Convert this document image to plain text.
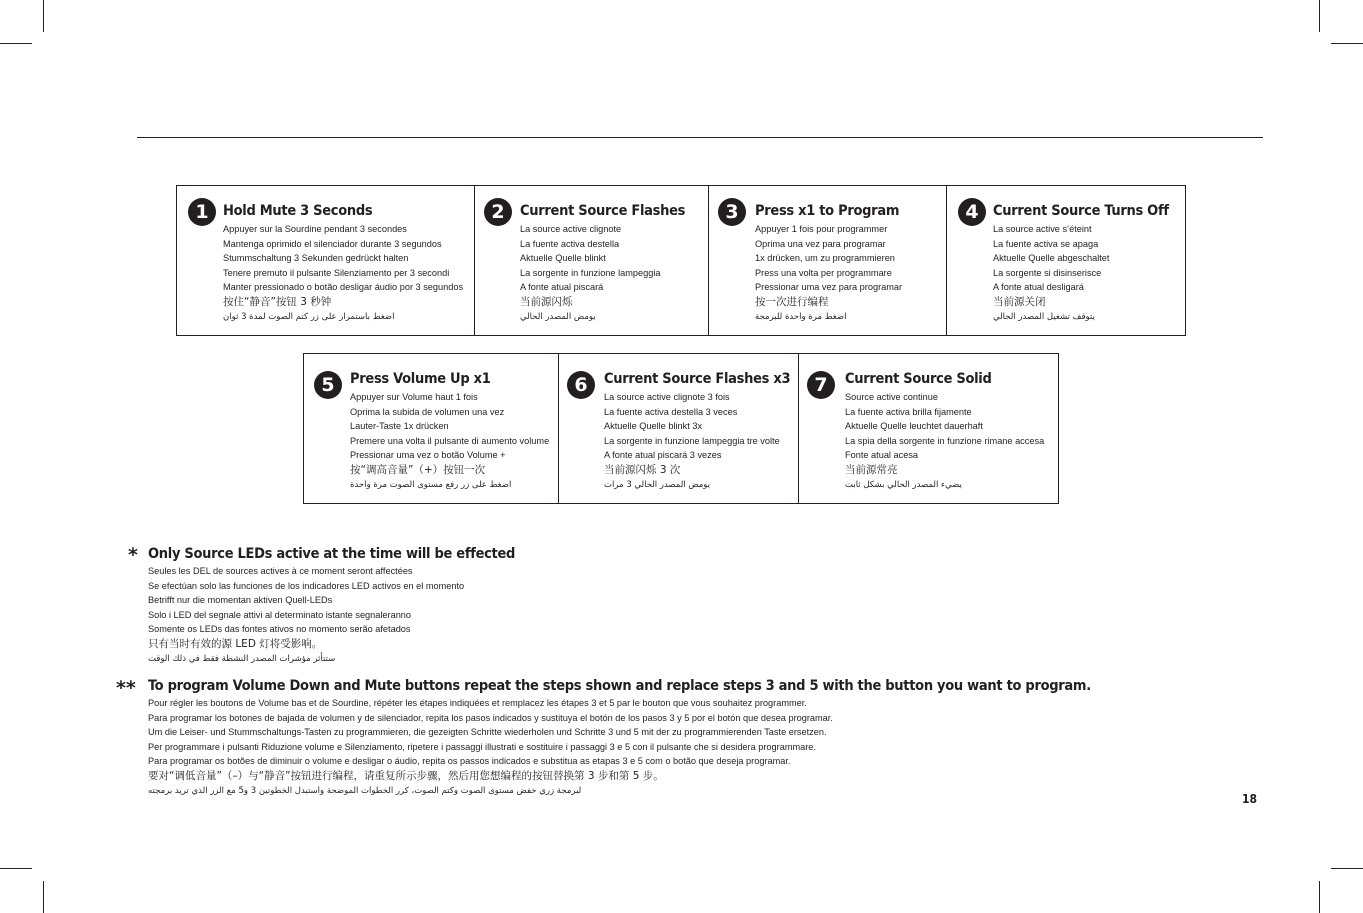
1 Hold Mute 3 Seconds
Appuyer sur la Sourdine pendant 3 secondes
Mantenga oprimido el silenciador durante 3 segundos
Stummschaltung 3 Sekunden gedrückt halten
Tenere premuto il pulsante Silenziamento per 3 secondi
Manter pressionado o botão desligar áudio por 3 segundos
按住“静音”按钮 3 秒钟
اضغط باستمرار على زر كتم الصوت لمدة 3 ثوان
2	Current Source Flashes
La source active clignote
La fuente activa destella
Aktuelle Quelle blinkt
La sorgente in funzione lampeggia
A fonte atual piscará
当前源闪烁
يومض المصدر الحالي
3	Press x1 to Program
Appuyer 1 fois pour programmer
Oprima una vez para programar
1x drücken, um zu programmieren
Press una volta per programmare
Pressionar uma vez para programar
按一次进行编程
اضغط مرة واحدة للبرمجة
4 Current Source Turns Off
La source active s’éteint
La fuente activa se apaga
Aktuelle Quelle abgeschaltet
La sorgente si disinserisce
A fonte atual desligará
当前源关闭
يتوقف تشغيل المصدر الحالي
5	Press Volume Up x1
Appuyer sur Volume haut 1 fois
Oprima la subida de volumen una vez
Lauter-Taste 1x drücken
Premere una volta il pulsante di aumento volume
Pressionar uma vez o botão Volume +
按“调高音量”（+）按钮一次
اضغط على زر رفع مستوى الصوت مرة واحدة
6	Current Source Flashes x3
La source active clignote 3 fois
La fuente activa destella 3 veces
Aktuelle Quelle blinkt 3x
La sorgente in funzione lampeggia tre volte
A fonte atual piscará 3 vezes
当前源闪烁 3 次
يومض المصدر الحالي 3 مرات
7	Current Source Solid
Source active continue
La fuente activa brilla fijamente
Aktuelle Quelle leuchtet dauerhaft
La spia della sorgente in funzione rimane accesa
Fonte atual acesa
当前源常亮
يضيء المصدر الحالي بشكل ثابت
* Only Source LEDs active at the time will be effected
Seules les DEL de sources actives à ce moment seront affectées
Se efectúan solo las funciones de los indicadores LED activos en el momento
Betrifft nur die momentan aktiven Quell-LEDs
Solo i LED del segnale attivi al determinato istante segnaleranno
Somente os LEDs das fontes ativos no momento serão afetados
只有当时有效的源 LED 灯将受影响。
ستتأثر مؤشرات المصدر النشطة فقط في ذلك الوقت
** To program Volume Down and Mute buttons repeat the steps shown and replace steps 3 and 5 with the button you want to program.
Pour régler les boutons de Volume bas et de Sourdine, répéter les étapes indiquées et remplacez les étapes 3 et 5 par le bouton que vous souhaitez programmer.
Para programar los botones de bajada de volumen y de silenciador, repita los pasos indicados y sustituya el botón de los pasos 3 y 5 por el botón que desea programar.
Um die Leiser- und Stummschaltungs-Tasten zu programmieren, die gezeigten Schritte wiederholen und Schritte 3 und 5 mit der zu programmierenden Taste ersetzen.
Per programmare i pulsanti Riduzione volume e Silenziamento, ripetere i passaggi illustrati e sostituire i passaggi 3 e 5 con il pulsante che si desidera programmare.
Para programar os botões de diminuir o volume e desligar o áudio, repita os passos indicados e substitua as etapas 3 e 5 com o botão que deseja programar.
要对“调低音量”（–）与“静音”按钮进行编程，请重复所示步骤，然后用您想编程的按钮替换第 3 步和第 5 步。
لبرمجة زري خفض مستوى الصوت وكتم الصوت، كرر الخطوات الموضحة واستبدل الخطوتين 3 و5 مع الزر الذي تريد برمجته
18
